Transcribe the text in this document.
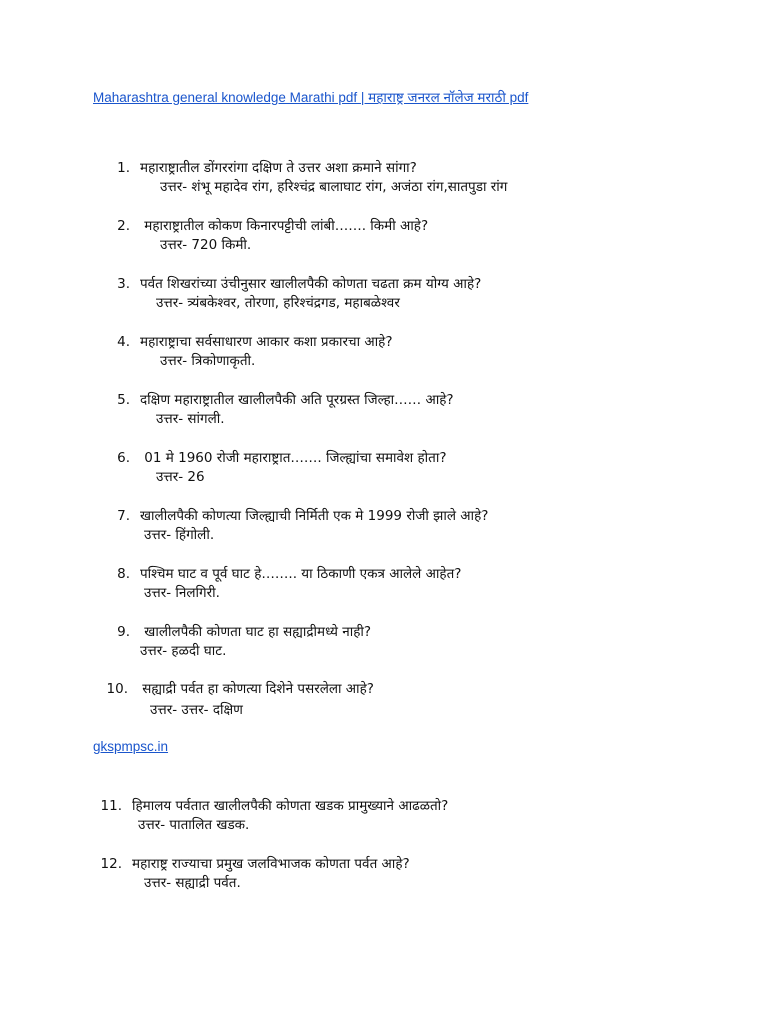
Maharashtra general knowledge Marathi pdf | महाराष्ट्र जनरल नॉलेज मराठी pdf
1. महाराष्ट्रातील डोंगररांगा दक्षिण ते उत्तर अशा क्रमाने सांगा?
उत्तर- शंभू महादेव रांग, हरिश्चंद्र बालाघाट रांग, अजंठा रांग,सातपुडा रांग
2. महाराष्ट्रातील कोकण किनारपट्टीची लांबी……. किमी आहे?
उत्तर- 720 किमी.
3. पर्वत शिखरांच्या उंचीनुसार खालीलपैकी कोणता चढता क्रम योग्य आहे?
उत्तर- त्र्यंबकेश्वर, तोरणा, हरिश्चंद्रगड, महाबळेश्वर
4. महाराष्ट्राचा सर्वसाधारण आकार कशा प्रकारचा आहे?
उत्तर- त्रिकोणाकृती.
5. दक्षिण महाराष्ट्रातील खालीलपैकी अति पूरग्रस्त जिल्हा…… आहे?
उत्तर- सांगली.
6. 01 मे 1960 रोजी महाराष्ट्रात……. जिल्ह्यांचा समावेश होता?
उत्तर- 26
7. खालीलपैकी कोणत्या जिल्ह्याची निर्मिती एक मे 1999 रोजी झाले आहे?
उत्तर- हिंगोली.
8. पश्चिम घाट व पूर्व घाट हे…….. या ठिकाणी एकत्र आलेले आहेत?
उत्तर- निलगिरी.
9. खालीलपैकी कोणता घाट हा सह्याद्रीमध्ये नाही?
उत्तर- हळदी घाट.
10. सह्याद्री पर्वत हा कोणत्या दिशेने पसरलेला आहे?
उत्तर- उत्तर- दक्षिण
gkspmpsc.in
11. हिमालय पर्वतात खालीलपैकी कोणता खडक प्रामुख्याने आढळतो?
उत्तर- पातालित खडक.
12. महाराष्ट्र राज्याचा प्रमुख जलविभाजक कोणता पर्वत आहे?
उत्तर- सह्याद्री पर्वत.
